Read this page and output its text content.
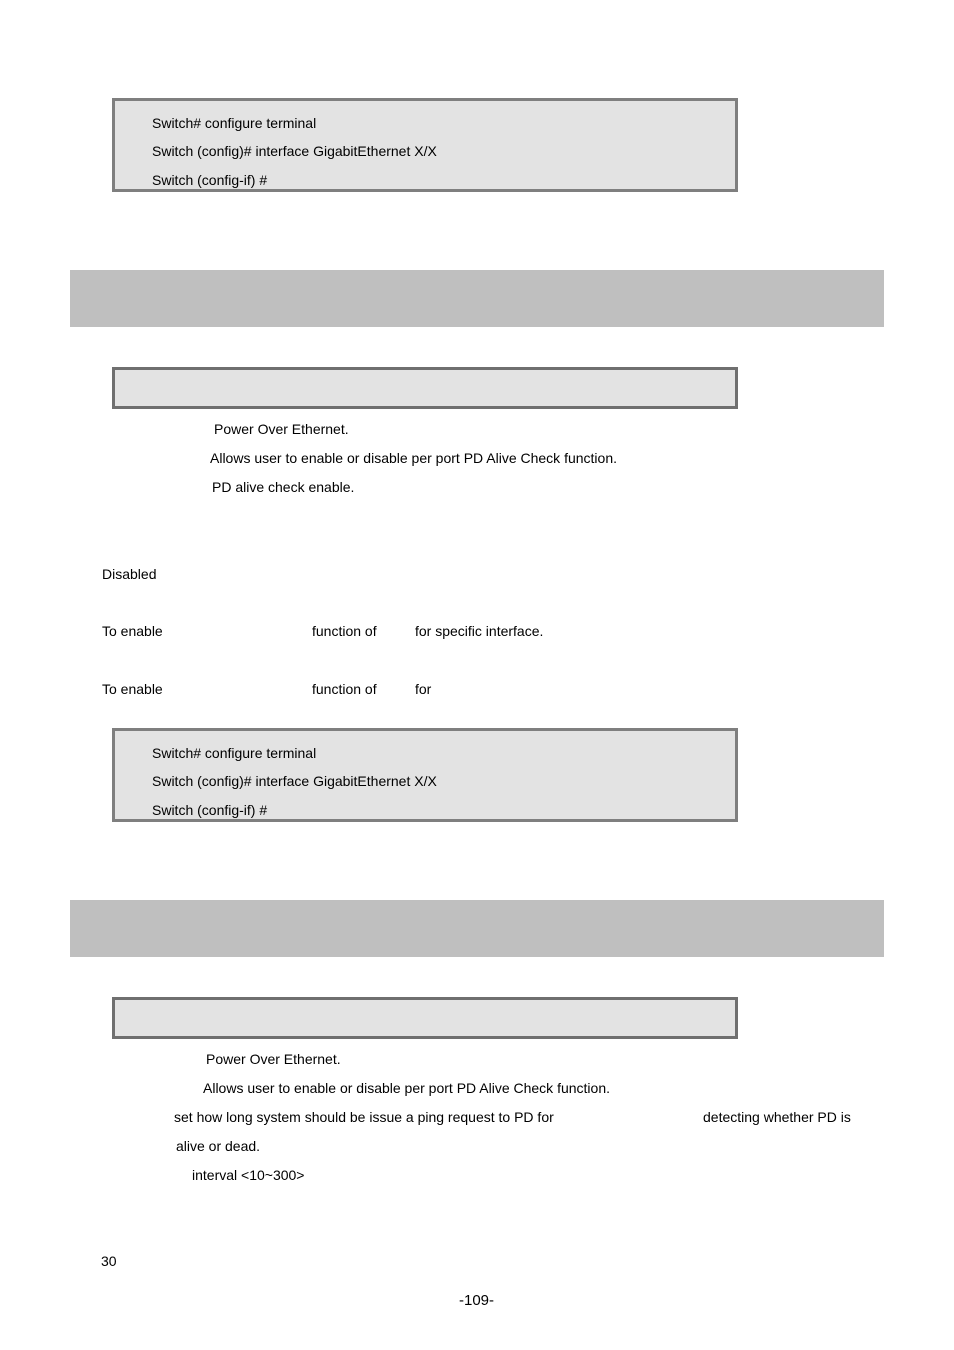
Switch# configure terminal
Switch (config)# interface GigabitEthernet X/X
Switch (config-if) #
Power Over Ethernet.
Allows user to enable or disable per port PD Alive Check function.
PD alive check enable.
Disabled
To enable	function of	for specific interface.
To enable	function of	for
Switch# configure terminal
Switch (config)# interface GigabitEthernet X/X
Switch (config-if) #
Power Over Ethernet.
Allows user to enable or disable per port PD Alive Check function.
set how long system should be issue a ping request to PD for	detecting whether PD is
alive or dead.
interval <10~300>
30
-109-
